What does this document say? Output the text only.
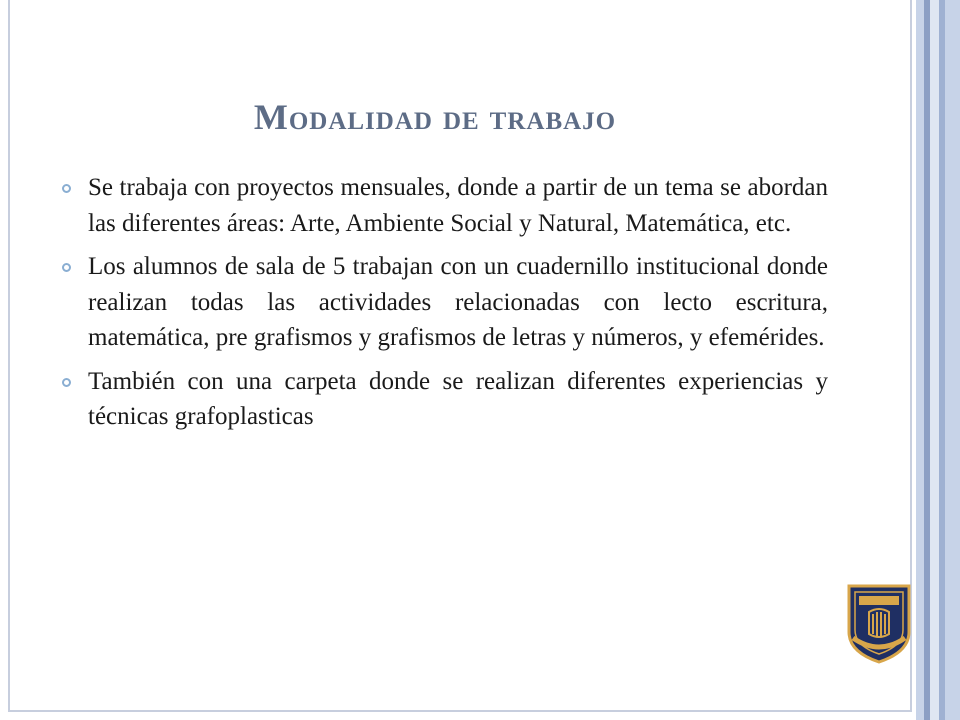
Modalidad de trabajo

Se trabaja con proyectos mensuales, donde a partir de un tema se abordan las diferentes áreas: Arte, Ambiente Social y Natural, Matemática, etc.

Los alumnos de sala de 5 trabajan con un cuadernillo institucional donde realizan todas las actividades relacionadas con lecto escritura, matemática, pre grafismos y grafismos de letras y números, y efemérides.

También con una carpeta donde se realizan diferentes experiencias y técnicas grafoplasticas
